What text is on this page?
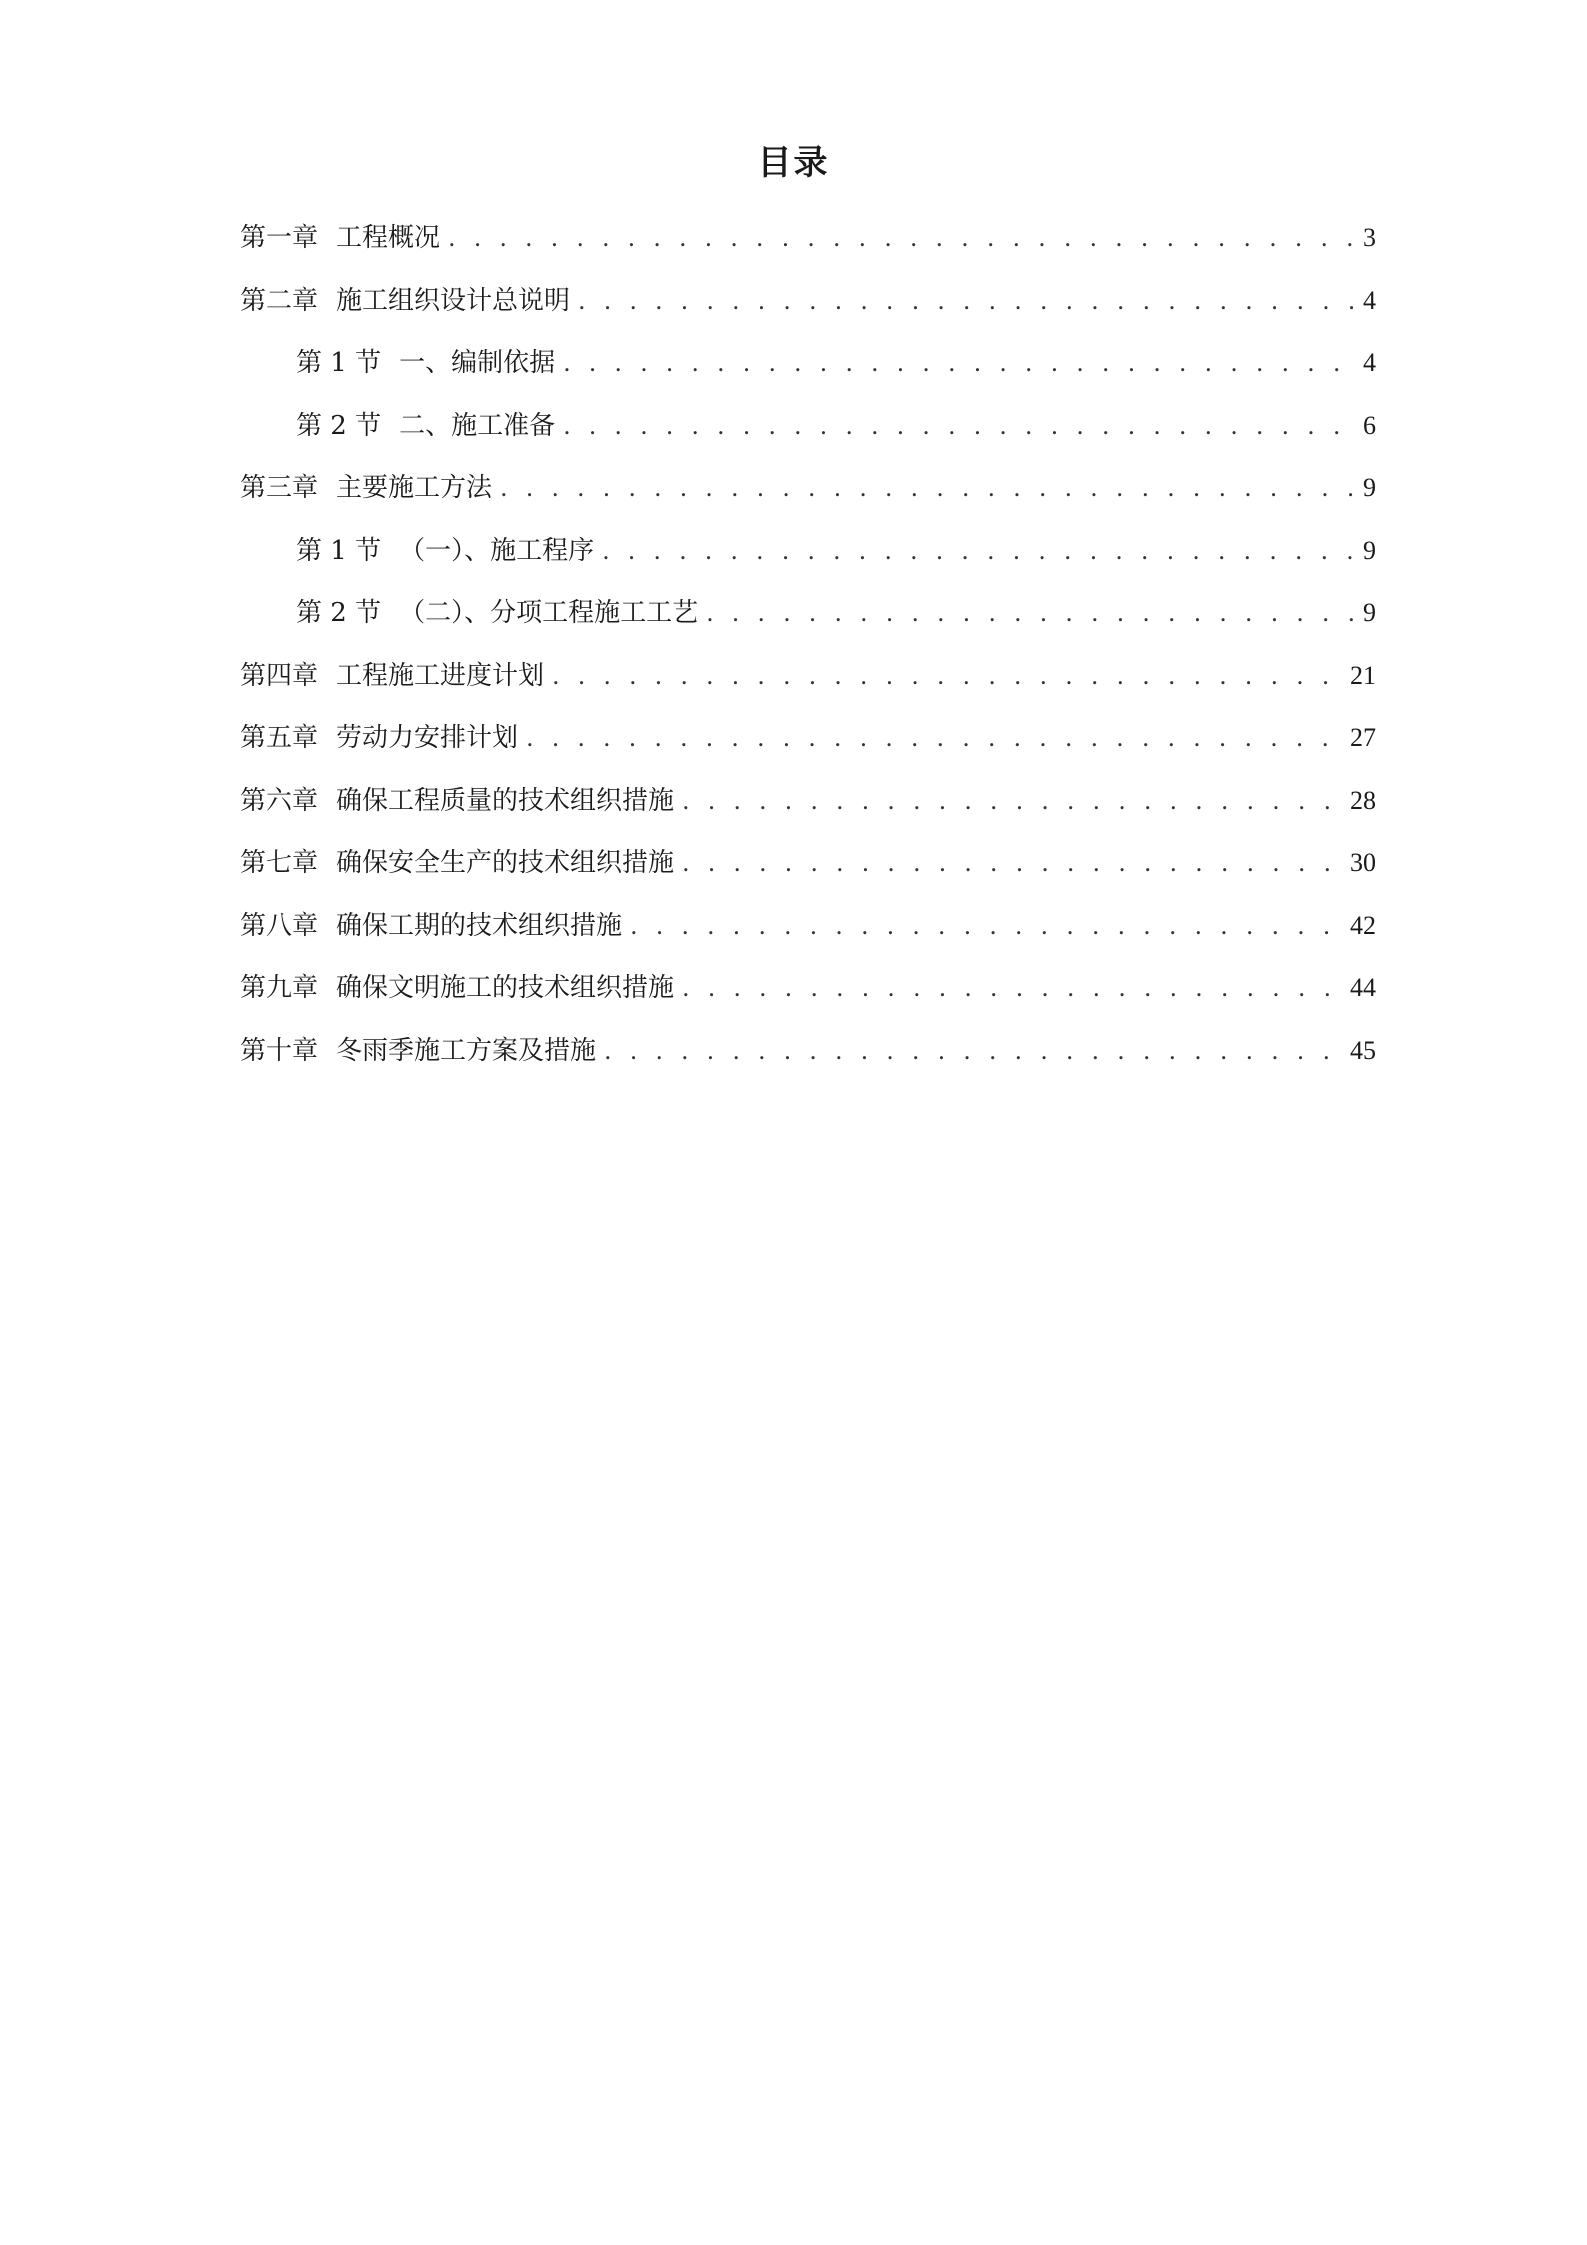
目录
第一章 工程概况 . . .	3
第二章 施工组织设计总说明 . . .	4
第 1 节 一、编制依据 . . .	4
第 2 节 二、施工准备 . . .	6
第三章 主要施工方法 . . .	9
第 1 节 （一）、施工程序 . . .	9
第 2 节 （二）、分项工程施工工艺 . . .	9
第四章 工程施工进度计划 . . .	21
第五章 劳动力安排计划 . . .	27
第六章 确保工程质量的技术组织措施 . . .	28
第七章 确保安全生产的技术组织措施 . . .	30
第八章 确保工期的技术组织措施 . . .	42
第九章 确保文明施工的技术组织措施 . . .	44
第十章 冬雨季施工方案及措施 . . .	45
